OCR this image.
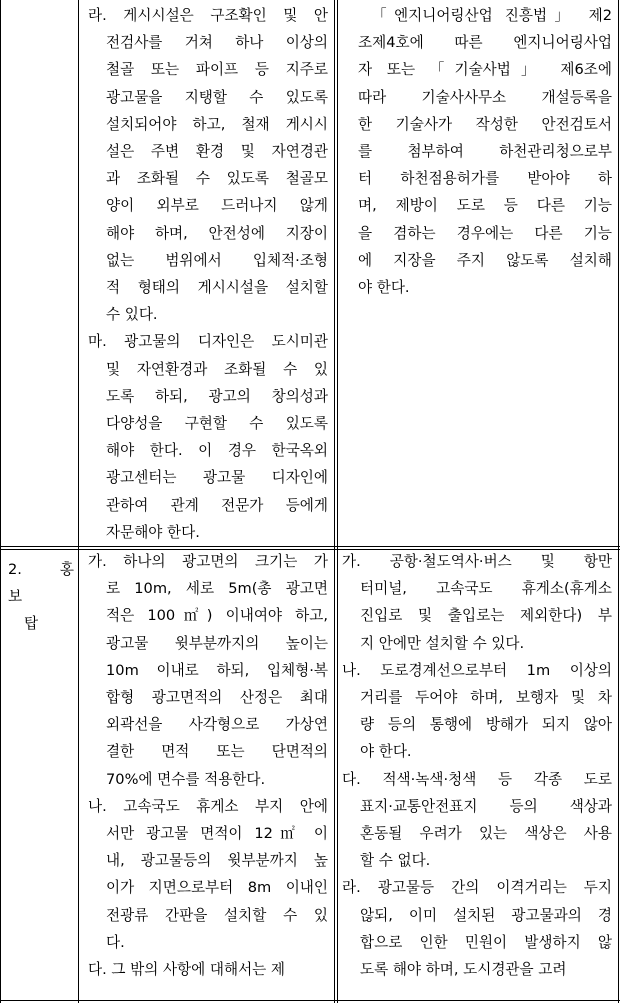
라. 게시시설은 구조확인 및 안
전검사를 거쳐 하나 이상의
철골 또는 파이프 등 지주로
광고물을 지탱할 수 있도록
설치되어야 하고, 철재 게시시
설은 주변 환경 및 자연경관
과 조화될 수 있도록 철골모
양이 외부로 드러나지 않게
해야 하며, 안전성에 지장이
없는 범위에서 입체적·조형
적 형태의 게시시설을 설치할
수 있다.
마. 광고물의 디자인은 도시미관
및 자연환경과 조화될 수 있
도록 하되, 광고의 창의성과
다양성을 구현할 수 있도록
해야 한다. 이 경우 한국옥외
광고센터는 광고물 디자인에
관하여 관계 전문가 등에게
자문해야 한다.
「엔지니어링산업 진흥법」 제2
조제4호에 따른 엔지니어링사업
자 또는 「기술사법」 제6조에
따라 기술사사무소 개설등록을
한 기술사가 작성한 안전검토서
를 첨부하여 하천관리청으로부
터 하천점용허가를 받아야 하
며, 제방이 도로 등 다른 기능
을 겸하는 경우에는 다른 기능
에 지장을 주지 않도록 설치해
야 한다.
2.      홍보
탑
가. 하나의 광고면의 크기는 가
로 10m, 세로 5m(총 광고면
적은 100㎡) 이내여야 하고,
광고물 윗부분까지의 높이는
10m 이내로 하되, 입체형·복
합형 광고면적의 산정은 최대
외곽선을 사각형으로 가상연
결한 면적 또는 단면적의
70%에 면수를 적용한다.
나. 고속국도 휴게소 부지 안에
서만 광고물 면적이 12㎡ 이
내, 광고물등의 윗부분까지 높
이가 지면으로부터 8m 이내인
전광류 간판을 설치할 수 있
다.
다. 그 밖의 사항에 대해서는 제
가. 공항·철도역사·버스 및 항만
터미널, 고속국도 휴게소(휴게소
진입로 및 출입로는 제외한다) 부
지 안에만 설치할 수 있다.
나. 도로경계선으로부터 1m 이상의
거리를 두어야 하며, 보행자 및 차
량 등의 통행에 방해가 되지 않아
야 한다.
다. 적색·녹색·청색 등 각종 도로
표지·교통안전표지 등의 색상과
혼동될 우려가 있는 색상은 사용
할 수 없다.
라. 광고물등 간의 이격거리는 두지
않되, 이미 설치된 광고물과의 경
합으로 인한 민원이 발생하지 않
도록 해야 하며, 도시경관을 고려
